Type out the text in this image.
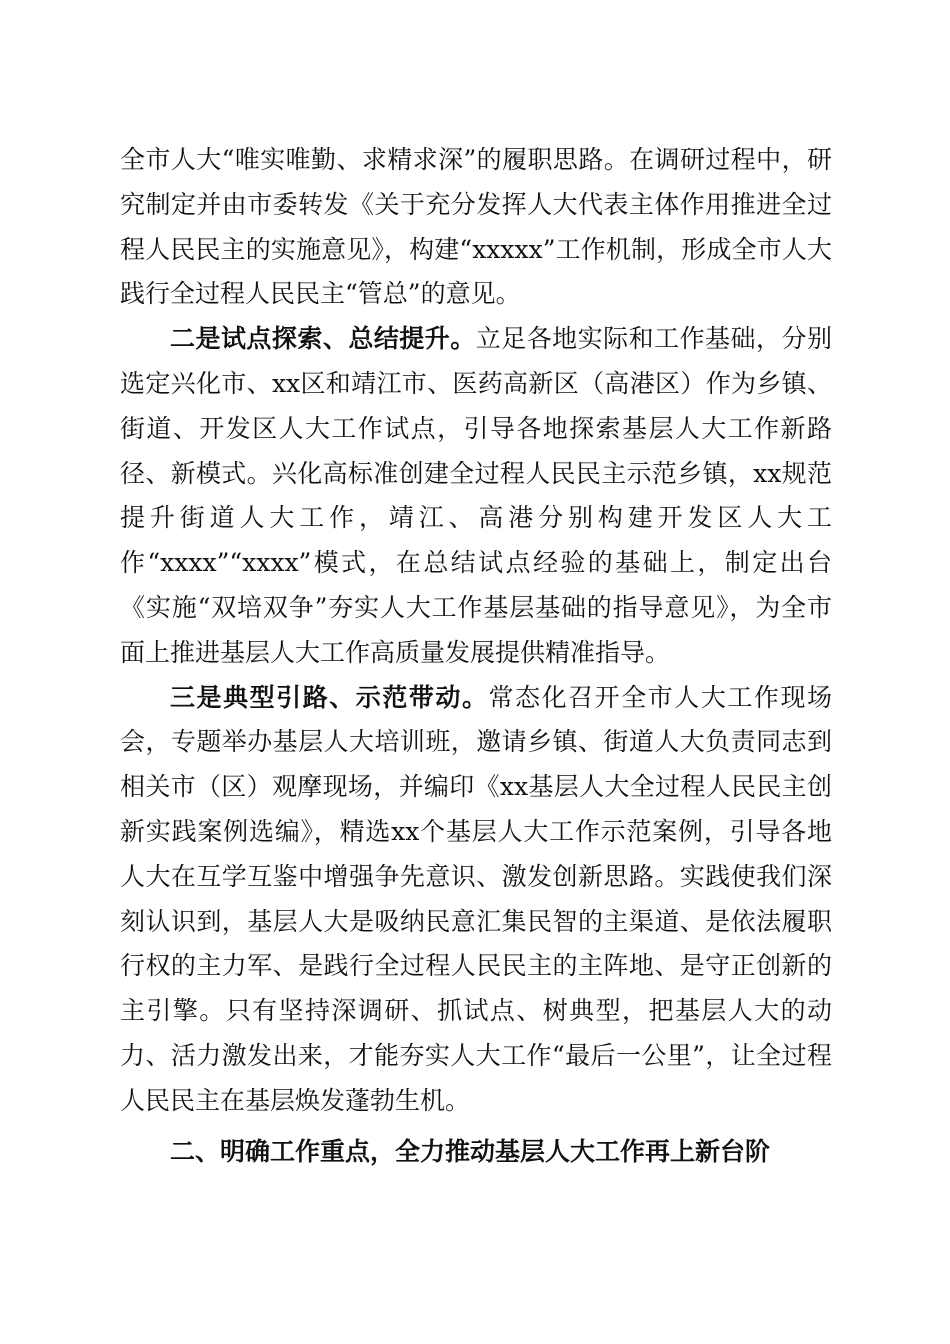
全市人大“唯实唯勤、求精求深”的履职思路。在调研过程中，研究制定并由市委转发《关于充分发挥人大代表主体作用推进全过程人民民主的实施意见》，构建“xxxxx”工作机制，形成全市人大践行全过程人民民主“管总”的意见。

二是试点探索、总结提升。立足各地实际和工作基础，分别选定兴化市、xx区和靖江市、医药高新区（高港区）作为乡镇、街道、开发区人大工作试点，引导各地探索基层人大工作新路径、新模式。兴化高标准创建全过程人民民主示范乡镇，xx规范提升街道人大工作，靖江、高港分别构建开发区人大工作“xxxx”“xxxx”模式，在总结试点经验的基础上，制定出台《实施“双培双争”夯实人大工作基层基础的指导意见》，为全市面上推进基层人大工作高质量发展提供精准指导。

三是典型引路、示范带动。常态化召开全市人大工作现场会，专题举办基层人大培训班，邀请乡镇、街道人大负责同志到相关市（区）观摩现场，并编印《xx基层人大全过程人民民主创新实践案例选编》，精选xx个基层人大工作示范案例，引导各地人大在互学互鉴中增强争先意识、激发创新思路。实践使我们深刻认识到，基层人大是吸纳民意汇集民智的主渠道、是依法履职行权的主力军、是践行全过程人民民主的主阵地、是守正创新的主引擎。只有坚持深调研、抓试点、树典型，把基层人大的动力、活力激发出来，才能夯实人大工作“最后一公里”，让全过程人民民主在基层焕发蓬勃生机。

二、明确工作重点，全力推动基层人大工作再上新台阶
